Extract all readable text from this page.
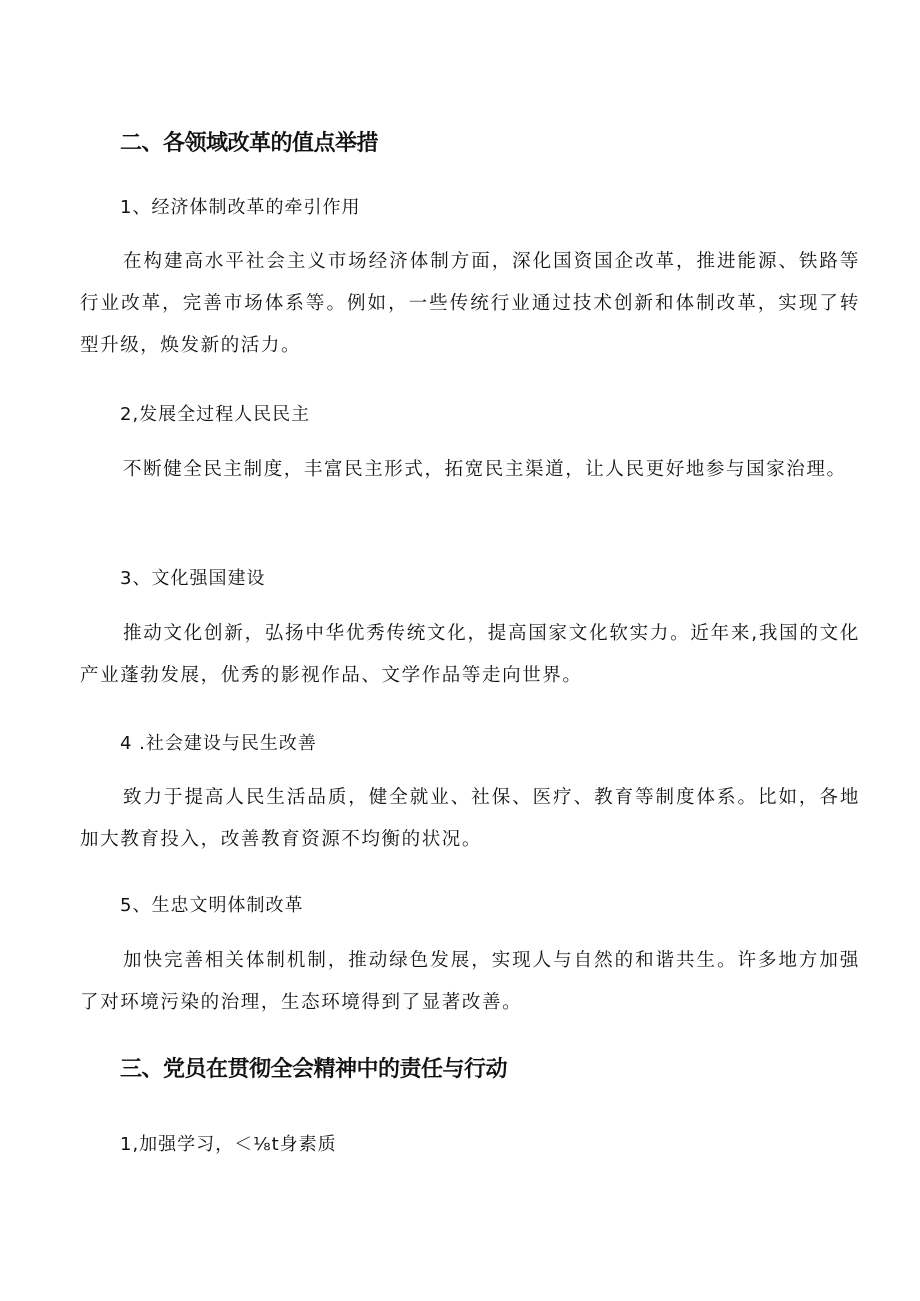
二、各领域改革的值点举措
1、经济体制改革的牵引作用

在构建高水平社会主义市场经济体制方面，深化国资国企改革，推进能源、铁路等行业改革，完善市场体系等。例如，一些传统行业通过技术创新和体制改革，实现了转型升级，焕发新的活力。

2,发展全过程人民民主

不断健全民主制度，丰富民主形式，拓宽民主渠道，让人民更好地参与国家治理。

3、文化强国建设

推动文化创新，弘扬中华优秀传统文化，提高国家文化软实力。近年来,我国的文化产业蓬勃发展，优秀的影视作品、文学作品等走向世界。

4 .社会建设与民生改善

致力于提高人民生活品质，健全就业、社保、医疗、教育等制度体系。比如，各地加大教育投入，改善教育资源不均衡的状况。

5、生忠文明体制改革

加快完善相关体制机制，推动绿色发展，实现人与自然的和谐共生。许多地方加强了对环境污染的治理，生态环境得到了显著改善。

三、党员在贯彻全会精神中的责任与行动
1,加强学习，＜⅛t身素质
